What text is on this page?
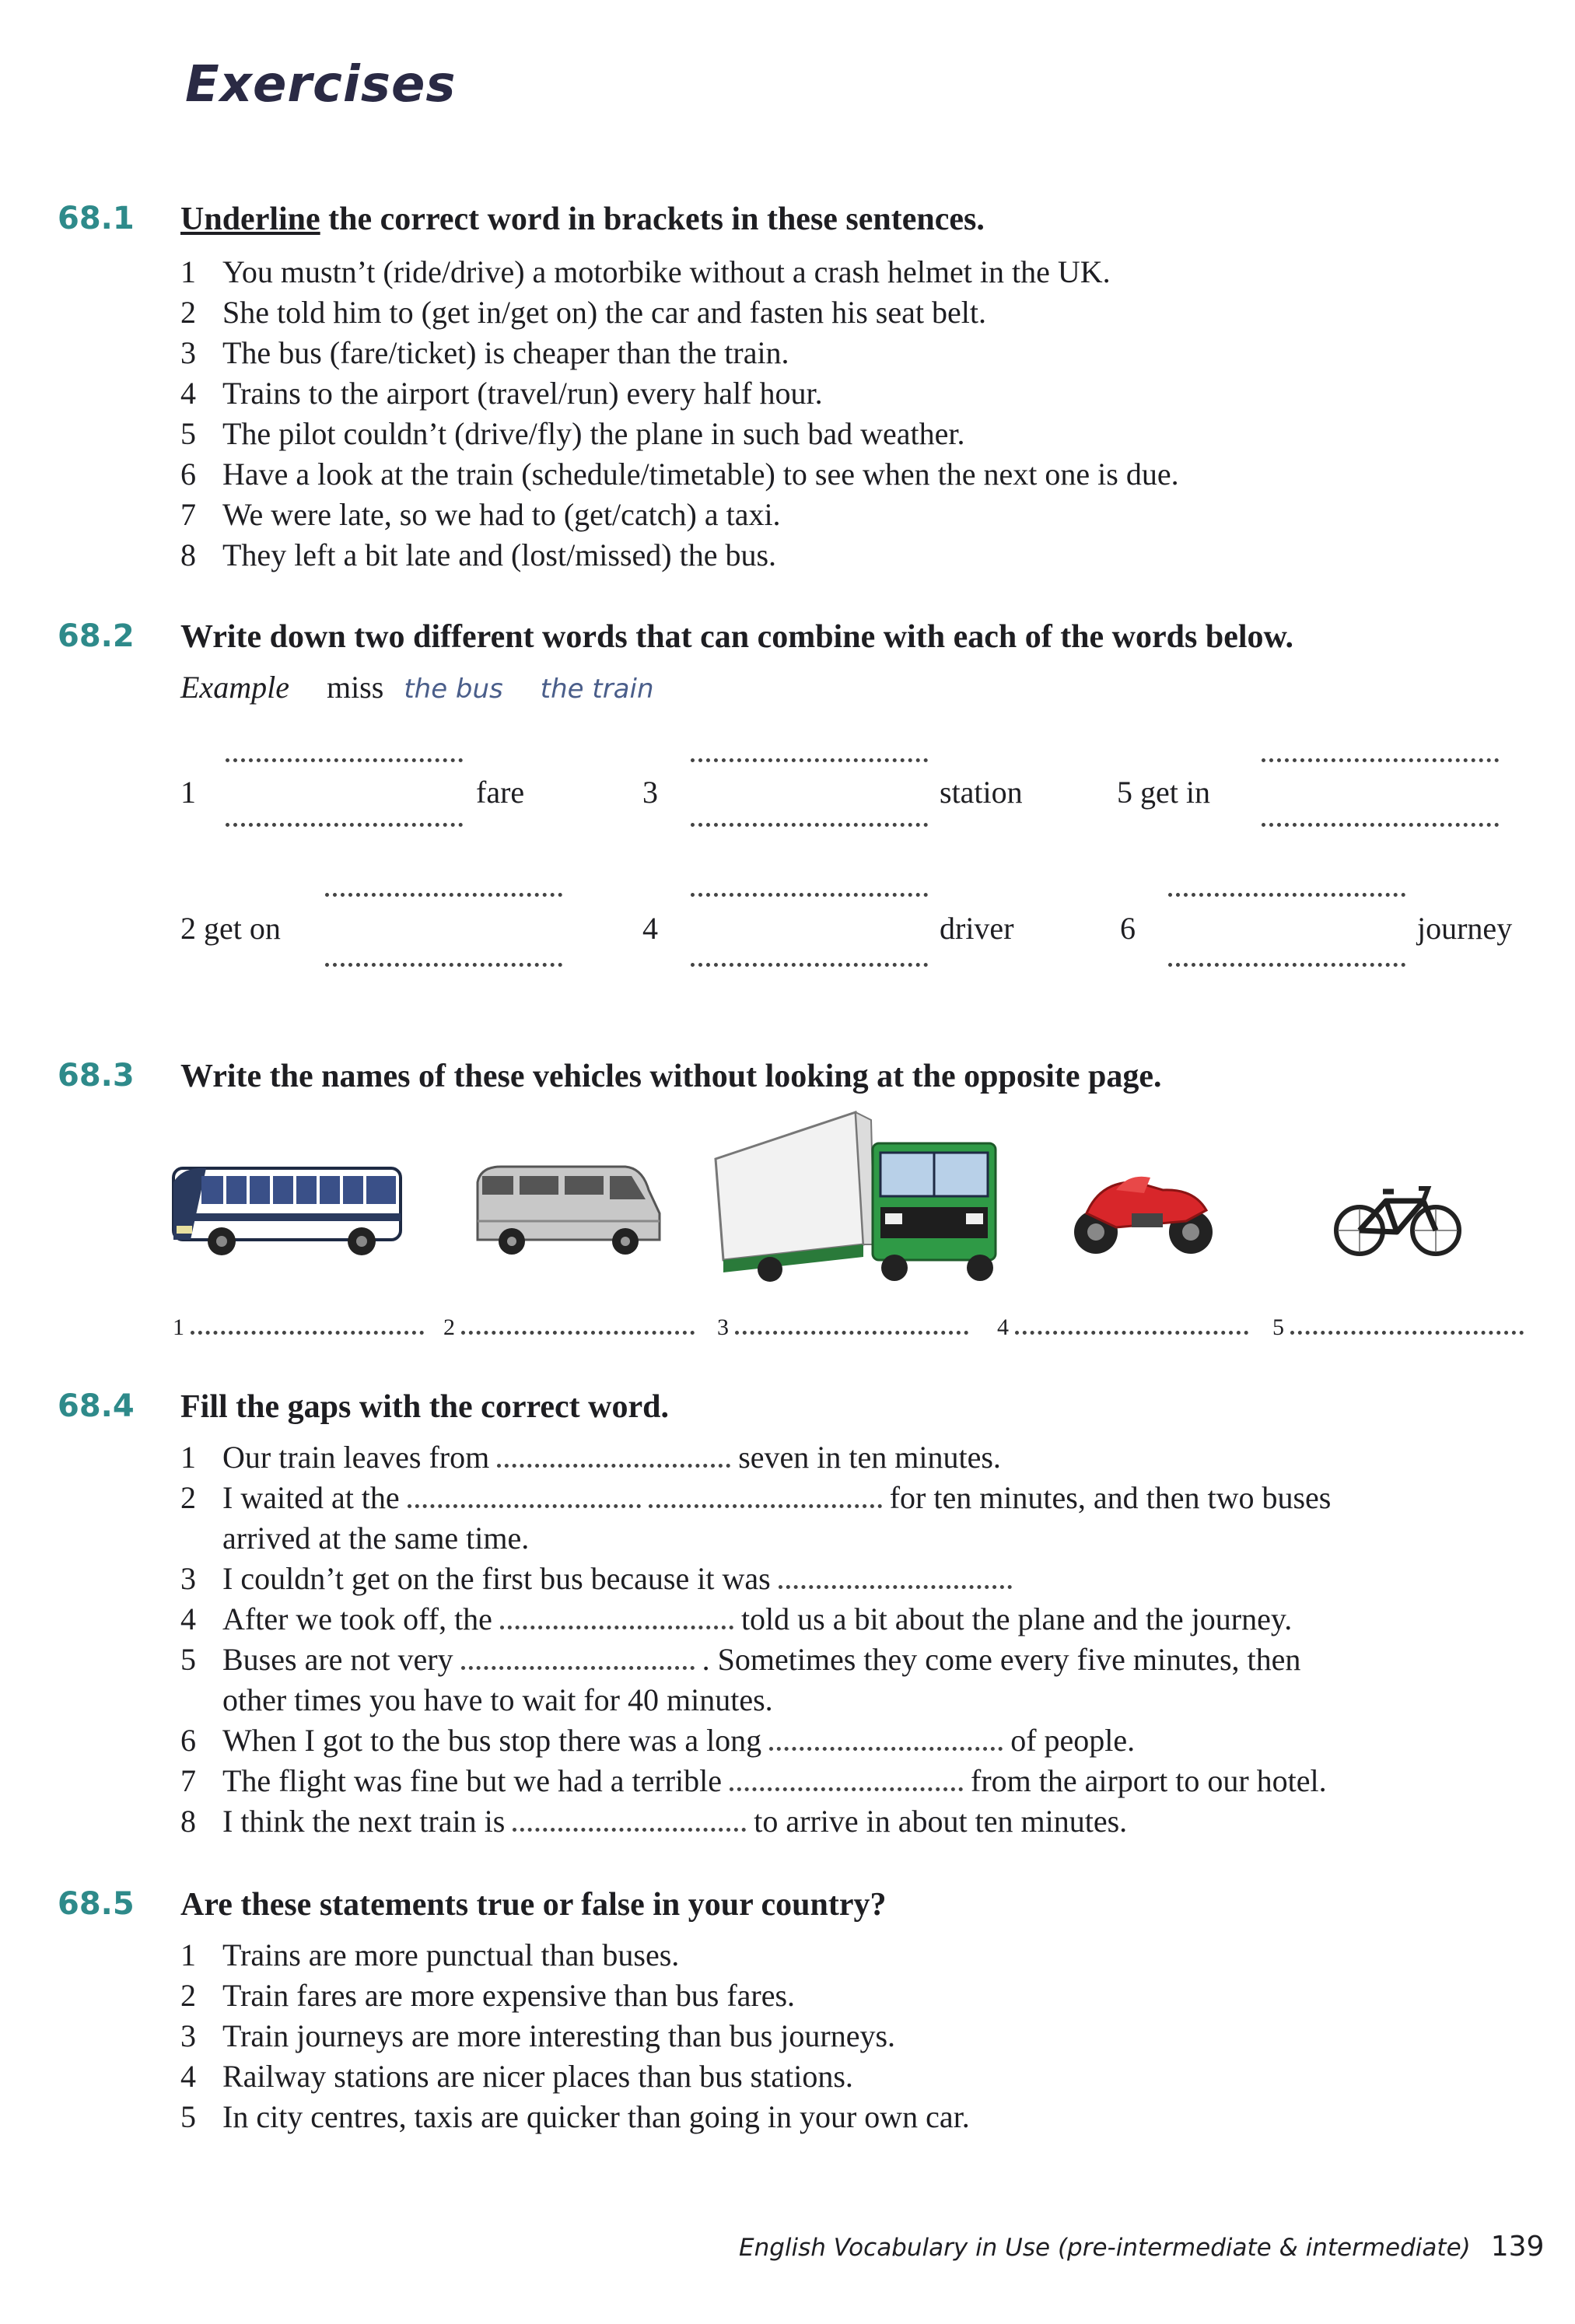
Exercises
68.1 Underline the correct word in brackets in these sentences.
1 You mustn’t (ride/drive) a motorbike without a crash helmet in the UK.
2 She told him to (get in/get on) the car and fasten his seat belt.
3 The bus (fare/ticket) is cheaper than the train.
4 Trains to the airport (travel/run) every half hour.
5 The pilot couldn’t (drive/fly) the plane in such bad weather.
6 Have a look at the train (schedule/timetable) to see when the next one is due.
7 We were late, so we had to (get/catch) a taxi.
8 They left a bit late and (lost/missed) the bus.
68.2 Write down two different words that can combine with each of the words below.
Example miss the bus the train
1	fare	3	station	5 get in
2 get on	4	driver	6	journey
68.3 Write the names of these vehicles without looking at the opposite page.
1	2	3	4	5
68.4 Fill the gaps with the correct word.
1 Our train leaves from	seven in ten minutes.
2 I waited at the	for ten minutes, and then two buses
arrived at the same time.
3 I couldn’t get on the first bus because it was
4 After we took off, the	told us a bit about the plane and the journey.
5 Buses are not very	. Sometimes they come every five minutes, then
other times you have to wait for 40 minutes.
6 When I got to the bus stop there was a long	of people.
7 The flight was fine but we had a terrible	from the airport to our hotel.
8 I think the next train is	to arrive in about ten minutes.
68.5 Are these statements true or false in your country?
1 Trains are more punctual than buses.
2 Train fares are more expensive than bus fares.
3 Train journeys are more interesting than bus journeys.
4 Railway stations are nicer places than bus stations.
5 In city centres, taxis are quicker than going in your own car.
English Vocabulary in Use (pre-intermediate & intermediate) 139
